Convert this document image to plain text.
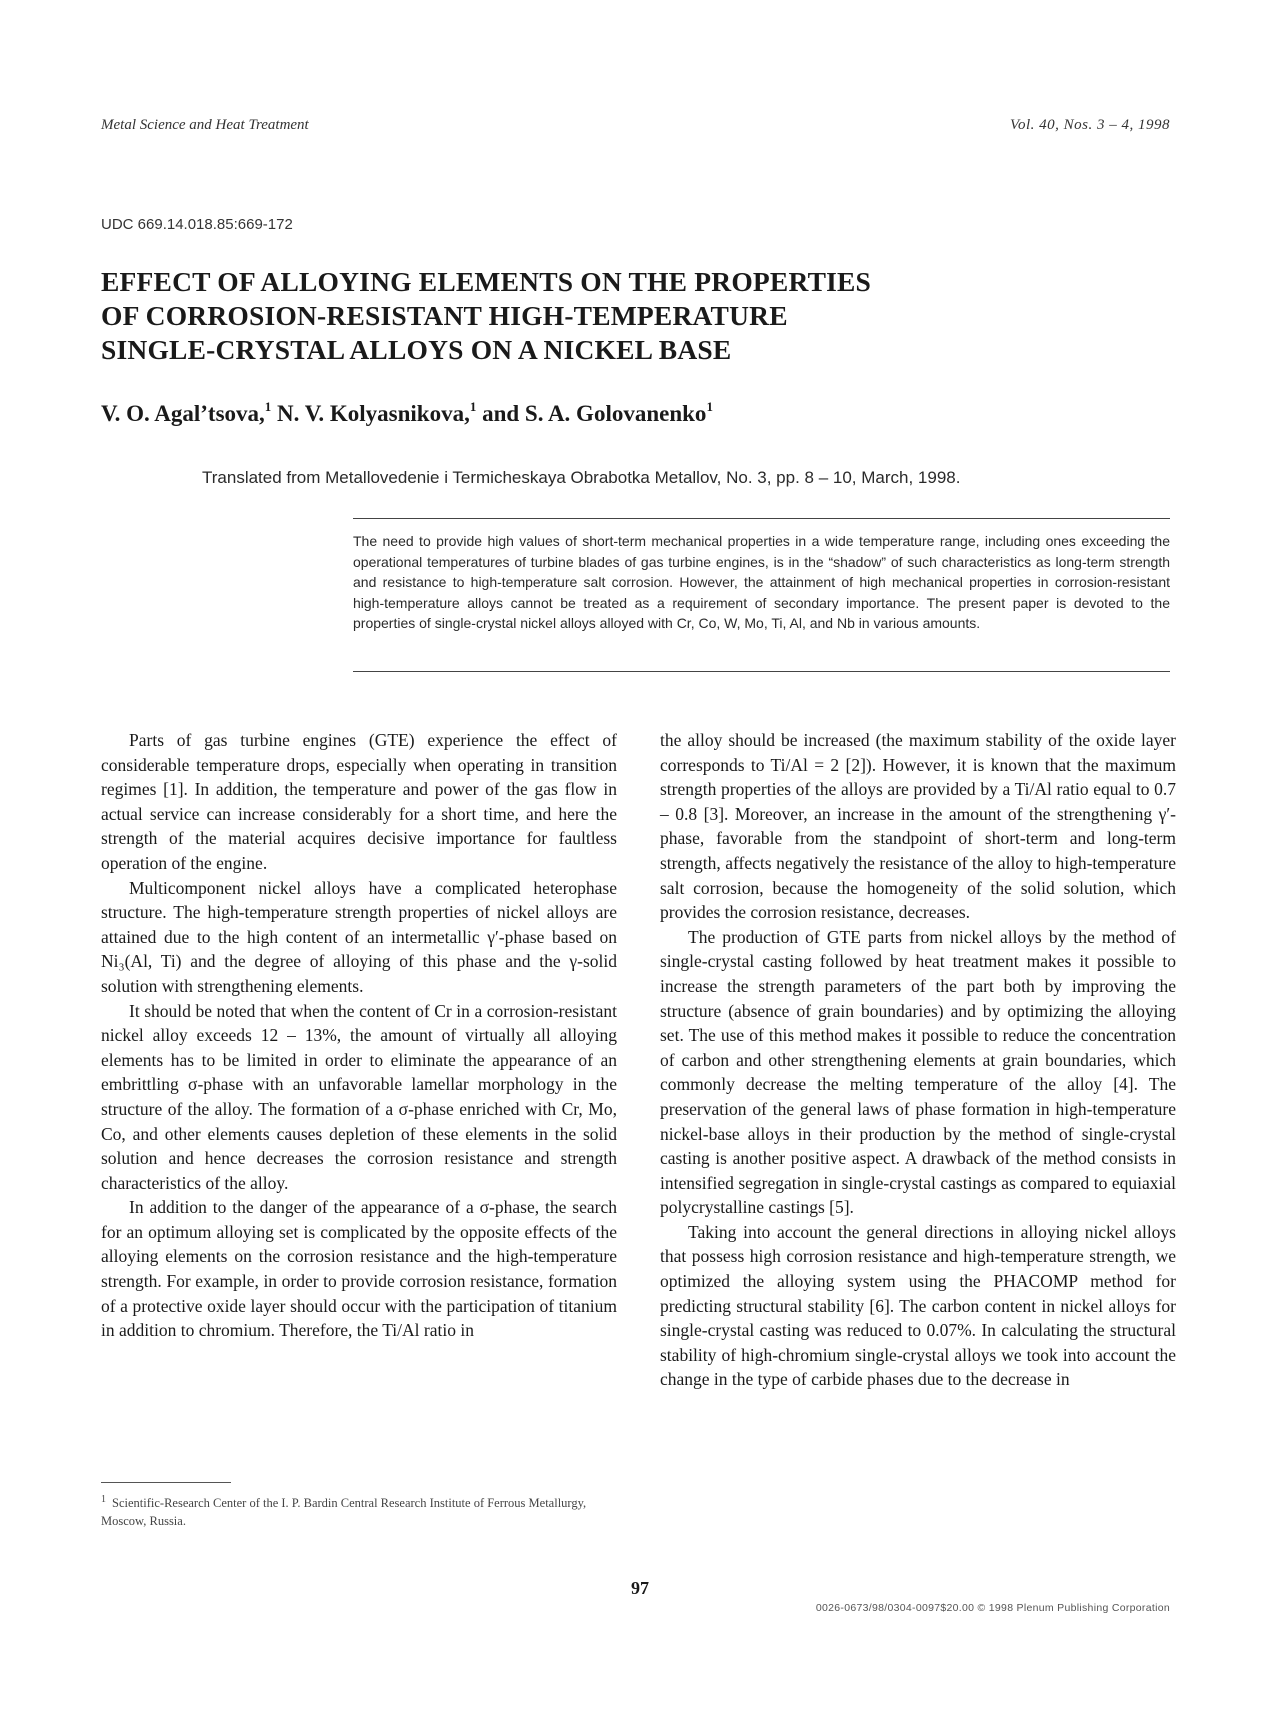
Metal Science and Heat Treatment	Vol. 40, Nos. 3 – 4, 1998
UDC 669.14.018.85:669-172
EFFECT OF ALLOYING ELEMENTS ON THE PROPERTIES
OF CORROSION-RESISTANT HIGH-TEMPERATURE
SINGLE-CRYSTAL ALLOYS ON A NICKEL BASE
V. O. Agal’tsova,$^1$ N. V. Kolyasnikova,$^1$ and S. A. Golovanenko$^1$
Translated from Metallovedenie i Termicheskaya Obrabotka Metallov, No. 3, pp. 8 – 10, March, 1998.
The need to provide high values of short-term mechanical properties in a wide temperature range, including ones exceeding the operational temperatures of turbine blades of gas turbine engines, is in the “shadow” of such characteristics as long-term strength and resistance to high-temperature salt corrosion. However, the attainment of high mechanical properties in corrosion-resistant high-temperature alloys cannot be treated as a requirement of secondary importance. The present paper is devoted to the properties of single-crystal nickel alloys alloyed with Cr, Co, W, Mo, Ti, Al, and Nb in various amounts.

Parts of gas turbine engines (GTE) experience the effect of considerable temperature drops, especially when operating in transition regimes [1]. In addition, the temperature and power of the gas flow in actual service can increase considerably for a short time, and here the strength of the material acquires decisive importance for faultless operation of the engine.

Multicomponent nickel alloys have a complicated heterophase structure. The high-temperature strength properties of nickel alloys are attained due to the high content of an intermetallic γ′-phase based on Ni₃(Al, Ti) and the degree of alloying of this phase and the γ-solid solution with strengthening elements.

It should be noted that when the content of Cr in a corrosion-resistant nickel alloy exceeds 12 – 13%, the amount of virtually all alloying elements has to be limited in order to eliminate the appearance of an embrittling σ-phase with an unfavorable lamellar morphology in the structure of the alloy. The formation of a σ-phase enriched with Cr, Mo, Co, and other elements causes depletion of these elements in the solid solution and hence decreases the corrosion resistance and strength characteristics of the alloy.

In addition to the danger of the appearance of a σ-phase, the search for an optimum alloying set is complicated by the opposite effects of the alloying elements on the corrosion resistance and the high-temperature strength. For example, in order to provide corrosion resistance, formation of a protective oxide layer should occur with the participation of titanium in addition to chromium. Therefore, the Ti/Al ratio in

the alloy should be increased (the maximum stability of the oxide layer corresponds to Ti/Al = 2 [2]). However, it is known that the maximum strength properties of the alloys are provided by a Ti/Al ratio equal to 0.7 – 0.8 [3]. Moreover, an increase in the amount of the strengthening γ′-phase, favorable from the standpoint of short-term and long-term strength, affects negatively the resistance of the alloy to high-temperature salt corrosion, because the homogeneity of the solid solution, which provides the corrosion resistance, decreases.

The production of GTE parts from nickel alloys by the method of single-crystal casting followed by heat treatment makes it possible to increase the strength parameters of the part both by improving the structure (absence of grain boundaries) and by optimizing the alloying set. The use of this method makes it possible to reduce the concentration of carbon and other strengthening elements at grain boundaries, which commonly decrease the melting temperature of the alloy [4]. The preservation of the general laws of phase formation in high-temperature nickel-base alloys in their production by the method of single-crystal casting is another positive aspect. A drawback of the method consists in intensified segregation in single-crystal castings as compared to equiaxial polycrystalline castings [5].

Taking into account the general directions in alloying nickel alloys that possess high corrosion resistance and high-temperature strength, we optimized the alloying system using the PHACOMP method for predicting structural stability [6]. The carbon content in nickel alloys for single-crystal casting was reduced to 0.07%. In calculating the structural stability of high-chromium single-crystal alloys we took into account the change in the type of carbide phases due to the decrease in

$^1$ Scientific-Research Center of the I. P. Bardin Central Research Institute of Ferrous Metallurgy, Moscow, Russia.
97
0026-0673/98/0304-0097$20.00 © 1998 Plenum Publishing Corporation
